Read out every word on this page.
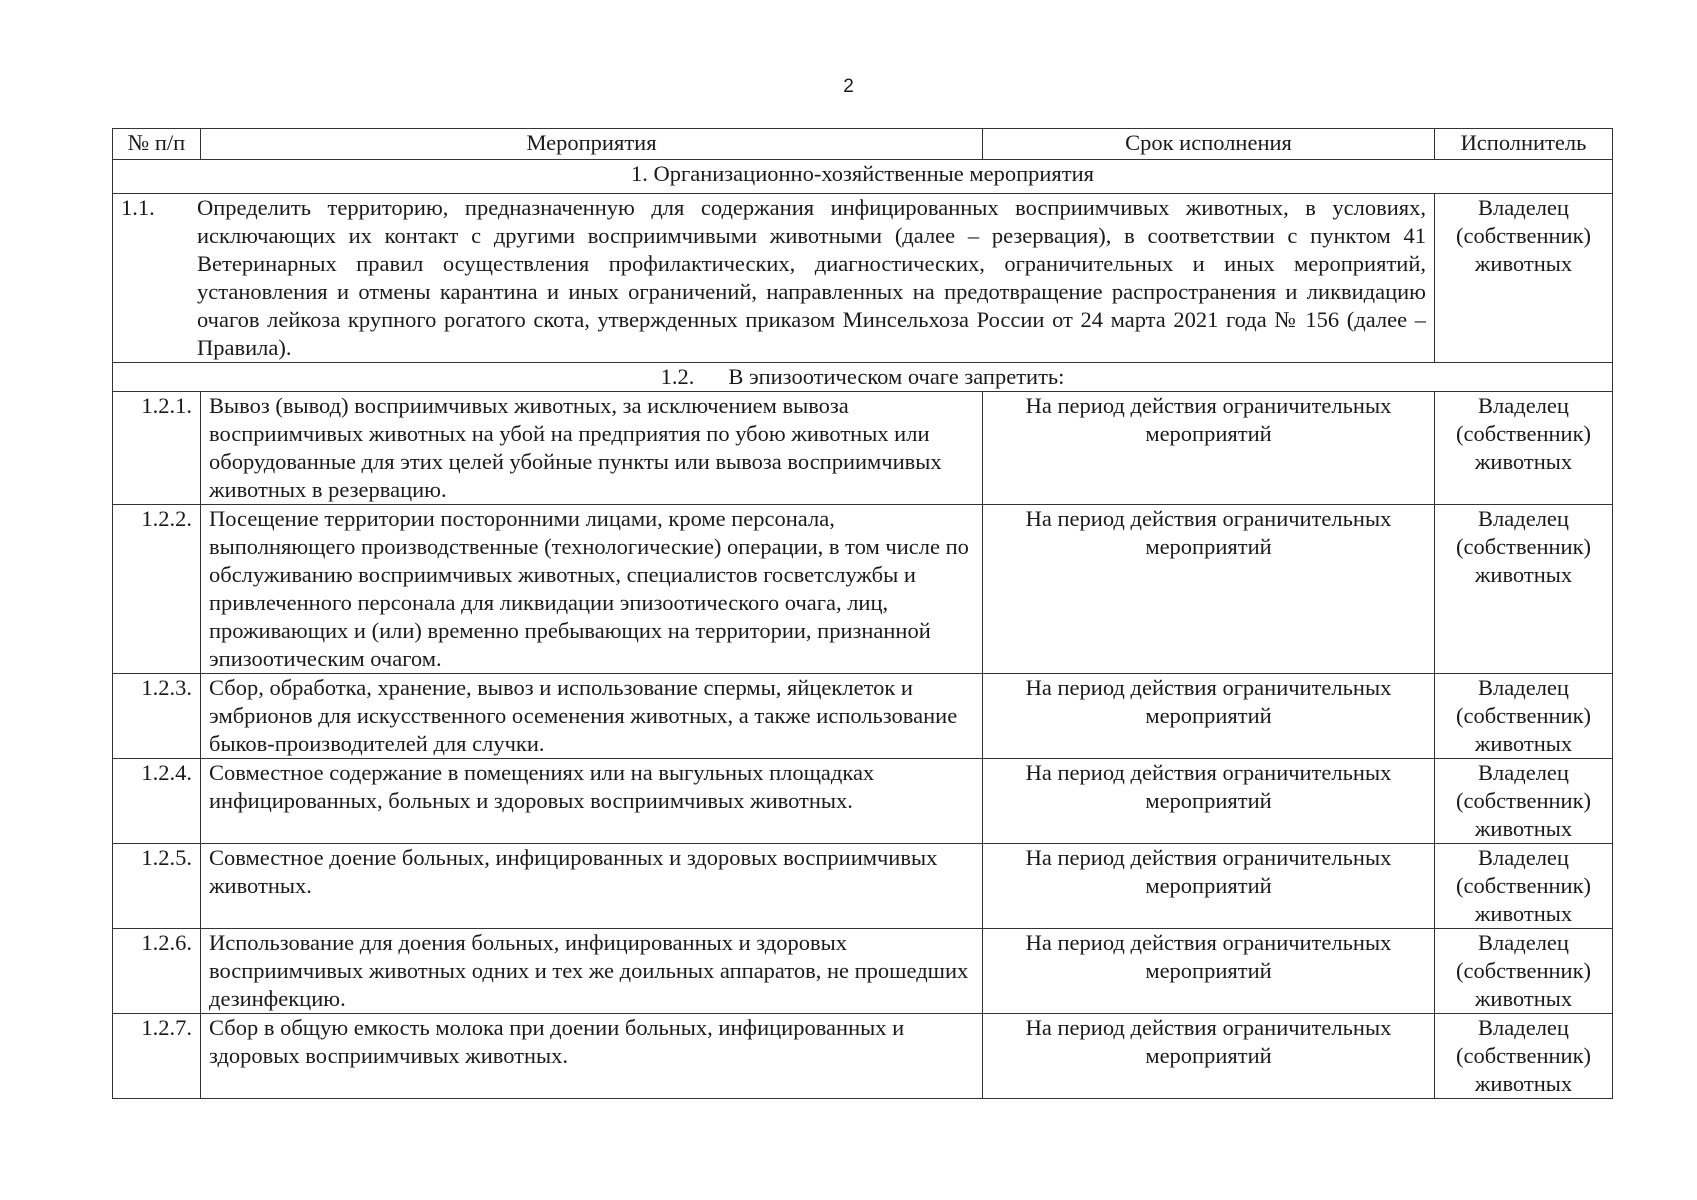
2
№ п/п	Мероприятия	Срок исполнения	Исполнитель
1. Организационно-хозяйственные мероприятия			

1.1. Определить территорию, предназначенную для содержания инфицированных восприимчивых животных, в условиях, исключающих их контакт с другими восприимчивыми животными (далее – резервация), в соответствии с пунктом 41 Ветеринарных правил осуществления профилактических, диагностических, ограничительных и иных мероприятий, установления и отмены карантина и иных ограничений, направленных на предотвращение распространения и ликвидацию очагов лейкоза крупного рогатого скота, утвержденных приказом Минсельхоза России от 24 марта 2021 года № 156 (далее – Правила).			Владелец (собственник) животных
1.2. В эпизоотическом очаге запретить:			
1.2.1.	Вывоз (вывод) восприимчивых животных, за исключением вывоза восприимчивых животных на убой на предприятия по убою животных или оборудованные для этих целей убойные пункты или вывоза восприимчивых животных в резервацию.	На период действия ограничительных мероприятий	Владелец (собственник) животных
1.2.2.	Посещение территории посторонними лицами, кроме персонала, выполняющего производственные (технологические) операции, в том числе по обслуживанию восприимчивых животных, специалистов госветслужбы и привлеченного персонала для ликвидации эпизоотического очага, лиц, проживающих и (или) временно пребывающих на территории, признанной эпизоотическим очагом.	На период действия ограничительных мероприятий	Владелец (собственник) животных
1.2.3.	Сбор, обработка, хранение, вывоз и использование спермы, яйцеклеток и эмбрионов для искусственного осеменения животных, а также использование быков-производителей для случки.	На период действия ограничительных мероприятий	Владелец (собственник) животных
1.2.4.	Совместное содержание в помещениях или на выгульных площадках инфицированных, больных и здоровых восприимчивых животных.	На период действия ограничительных мероприятий	Владелец (собственник) животных
1.2.5.	Совместное доение больных, инфицированных и здоровых восприимчивых животных.	На период действия ограничительных мероприятий	Владелец (собственник) животных
1.2.6.	Использование для доения больных, инфицированных и здоровых восприимчивых животных одних и тех же доильных аппаратов, не прошедших дезинфекцию.	На период действия ограничительных мероприятий	Владелец (собственник) животных
1.2.7.	Сбор в общую емкость молока при доении больных, инфицированных и здоровых восприимчивых животных.	На период действия ограничительных мероприятий	Владелец (собственник) животных
